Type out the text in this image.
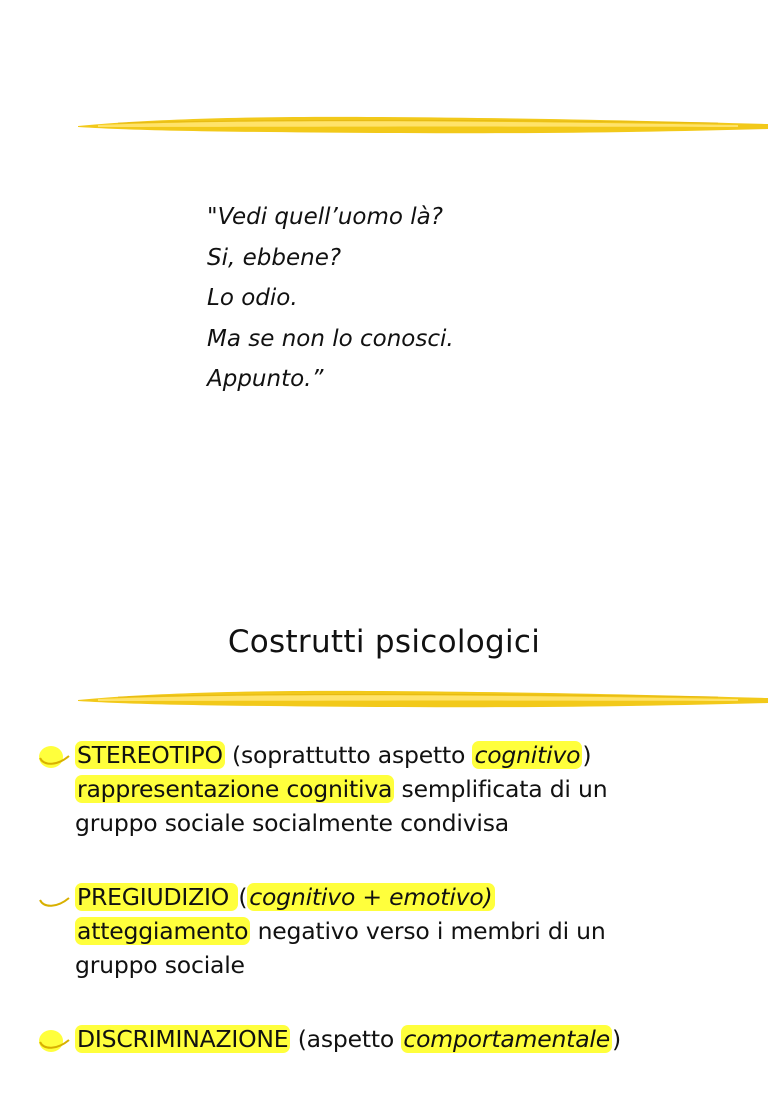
"Vedi quell’uomo là?
Si, ebbene?
Lo odio.
Ma se non lo conosci.
Appunto.”
Costrutti psicologici
STEREOTIPO (soprattutto aspetto cognitivo)
rappresentazione cognitiva semplificata di un
gruppo sociale socialmente condivisa
PREGIUDIZIO (cognitivo + emotivo)
atteggiamento negativo verso i membri di un
gruppo sociale
DISCRIMINAZIONE (aspetto comportamentale)
